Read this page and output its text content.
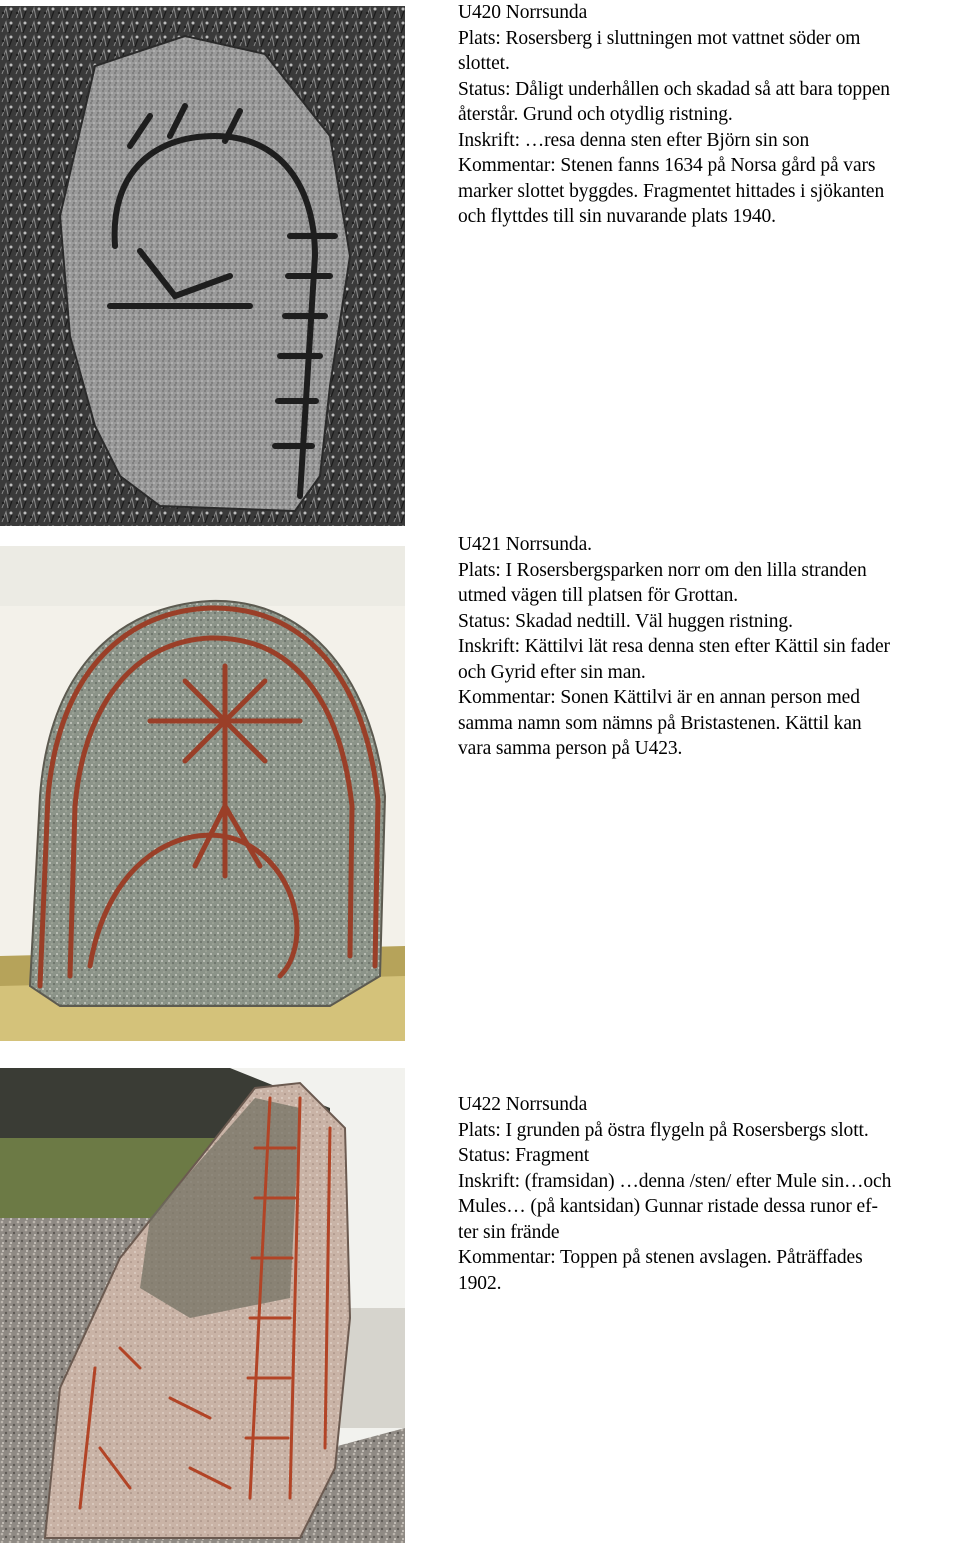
U420 Norrsunda
Plats: Rosersberg i sluttningen mot vattnet söder om
slottet.
Status: Dåligt underhållen och skadad så att bara toppen
återstår. Grund och otydlig ristning.
Inskrift: …resa denna sten efter Björn sin son
Kommentar: Stenen fanns 1634 på Norsa gård på vars
marker slottet byggdes. Fragmentet hittades i sjökanten
och flyttdes till sin nuvarande plats 1940.
U421 Norrsunda.
Plats: I Rosersbergsparken norr om den lilla stranden
utmed vägen till platsen för Grottan.
Status: Skadad nedtill. Väl huggen ristning.
Inskrift: Kättilvi lät resa denna sten efter Kättil sin fader
och Gyrid efter sin man.
Kommentar: Sonen Kättilvi är en annan person med
samma namn som nämns på Bristastenen. Kättil kan
vara samma person på U423.
U422 Norrsunda
Plats: I grunden på östra flygeln på Rosersbergs slott.
Status: Fragment
Inskrift: (framsidan) …denna /sten/ efter Mule sin…och
Mules… (på kantsidan) Gunnar ristade dessa runor ef-
ter sin frände
Kommentar: Toppen på stenen avslagen. Påträffades
1902.
